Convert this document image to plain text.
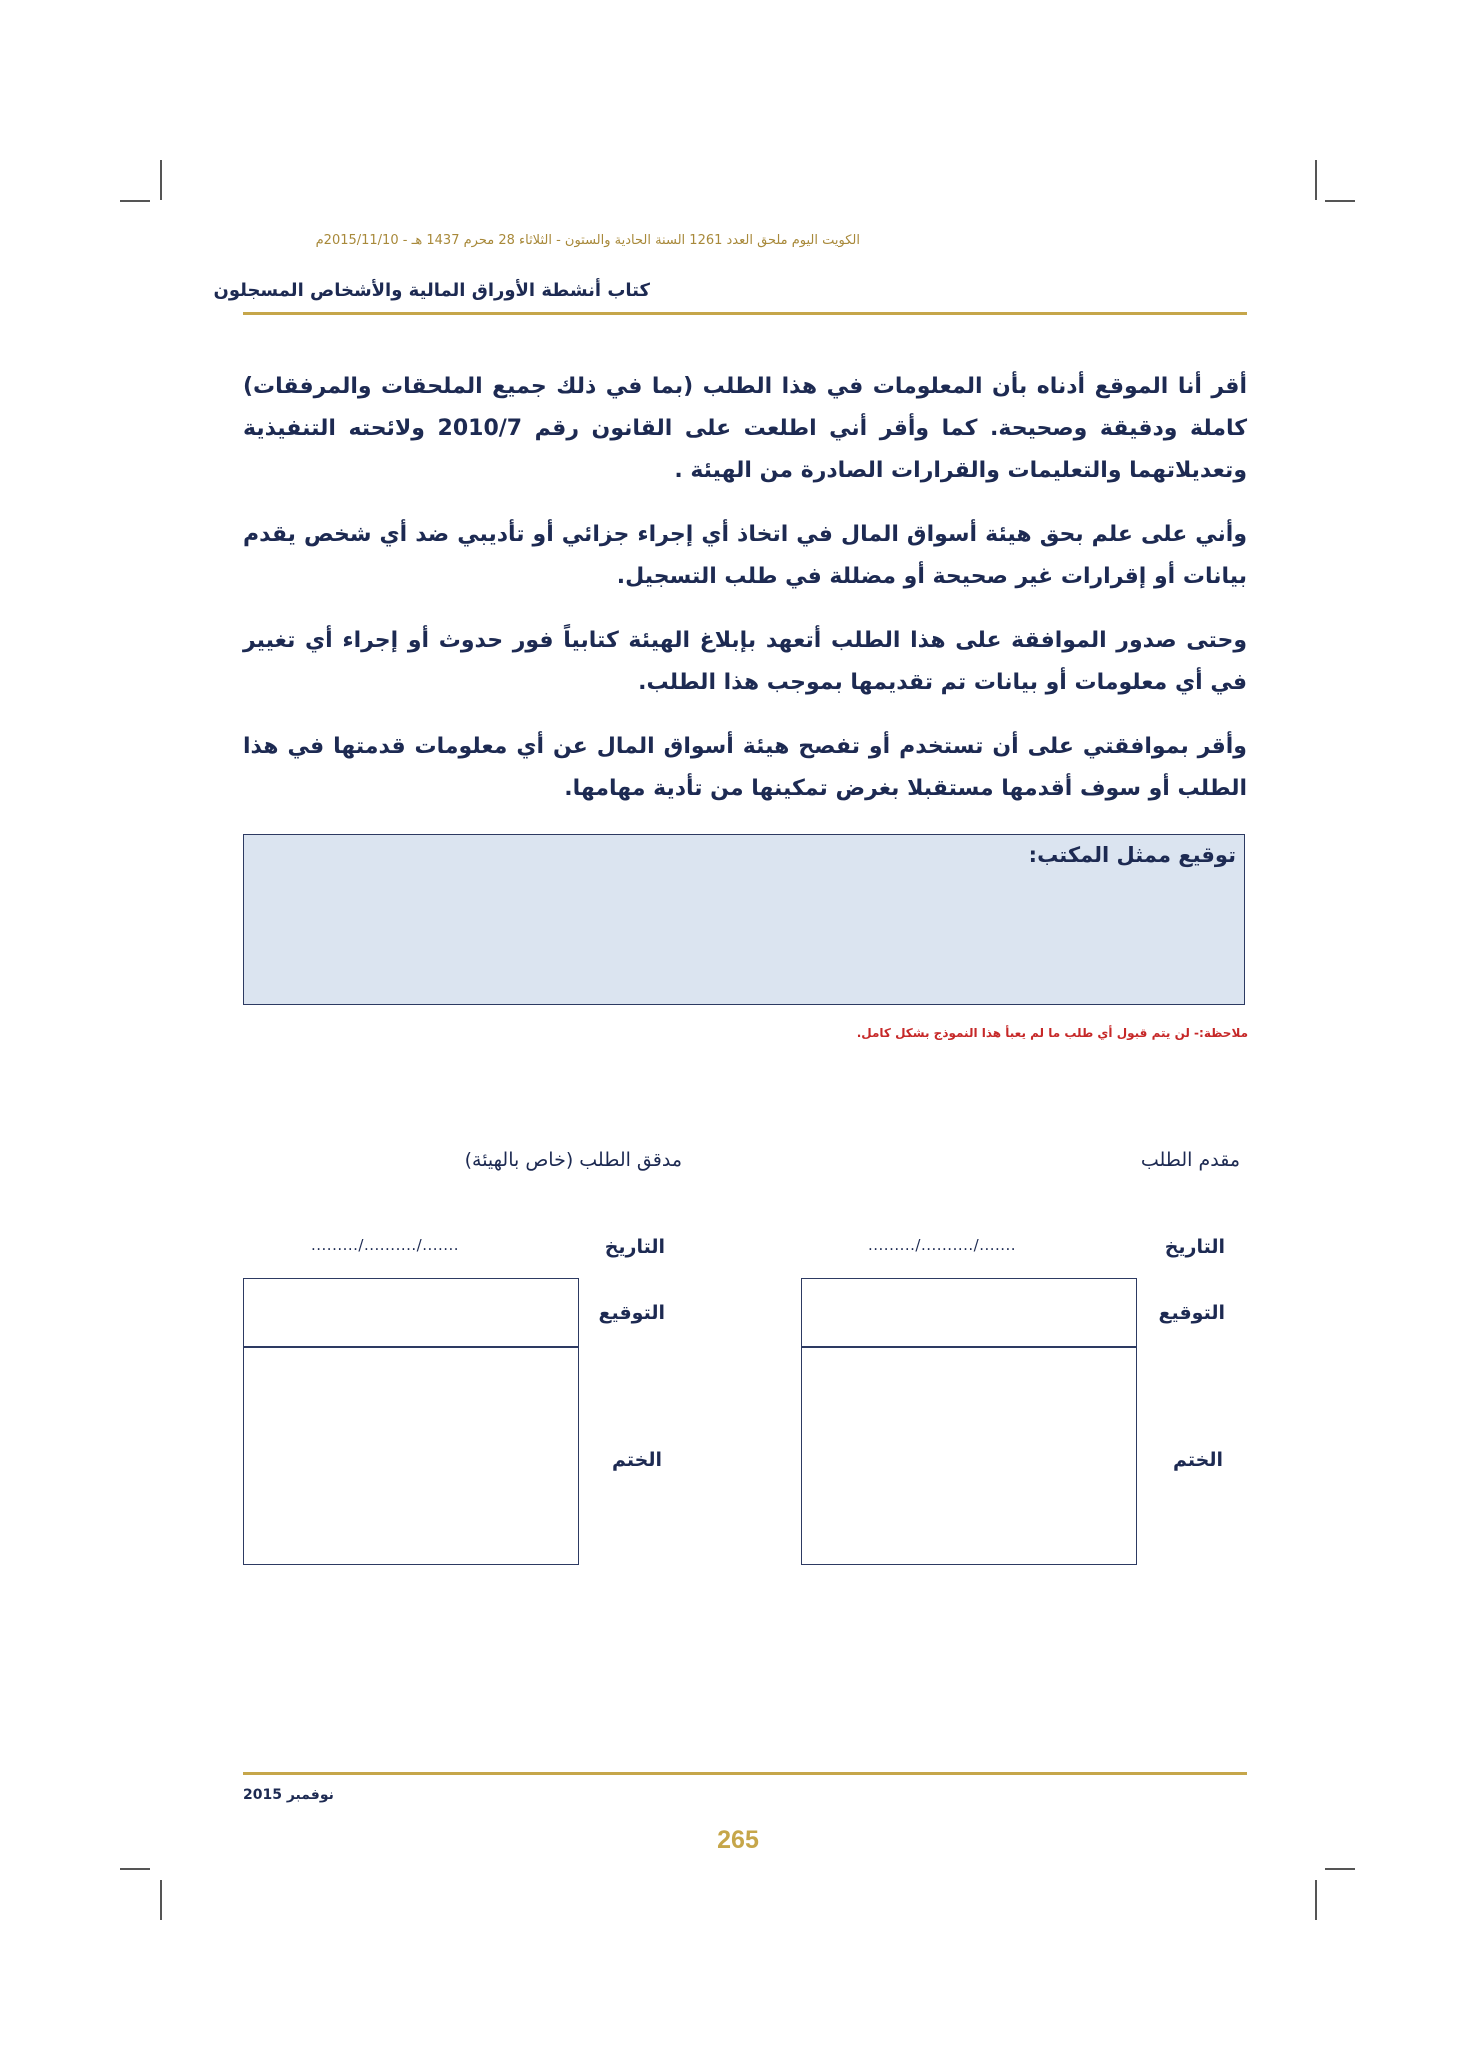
الكويت اليوم ملحق العدد 1261 السنة الحادية والستون - الثلاثاء 28 محرم 1437 هـ - 2015/11/10م
كتاب أنشطة الأوراق المالية والأشخاص المسجلون

أقر أنا الموقع أدناه بأن المعلومات في هذا الطلب (بما في ذلك جميع الملحقات والمرفقات) كاملة ودقيقة وصحيحة. كما وأقر أني اطلعت على القانون رقم 2010/7 ولائحته التنفيذية وتعديلاتهما والتعليمات والقرارات الصادرة من الهيئة .

وأني على علم بحق هيئة أسواق المال في اتخاذ أي إجراء جزائي أو تأديبي ضد أي شخص يقدم بيانات أو إقرارات غير صحيحة أو مضللة في طلب التسجيل.

وحتى صدور الموافقة على هذا الطلب أتعهد بإبلاغ الهيئة كتابياً فور حدوث أو إجراء أي تغيير في أي معلومات أو بيانات تم تقديمها بموجب هذا الطلب.

وأقر بموافقتي على أن تستخدم أو تفصح هيئة أسواق المال عن أي معلومات قدمتها في هذا الطلب أو سوف أقدمها مستقبلا بغرض تمكينها من تأدية مهامها.

توقيع ممثل المكتب:
ملاحظة:- لن يتم قبول أي طلب ما لم يعبأ هذا النموذج بشكل كامل.
مقدم الطلب
التاريخ
........./........../.......
التوقيع
الختم
مدقق الطلب (خاص بالهيئة)
التاريخ
........./........../.......
التوقيع
الختم
نوفمبر 2015
265
